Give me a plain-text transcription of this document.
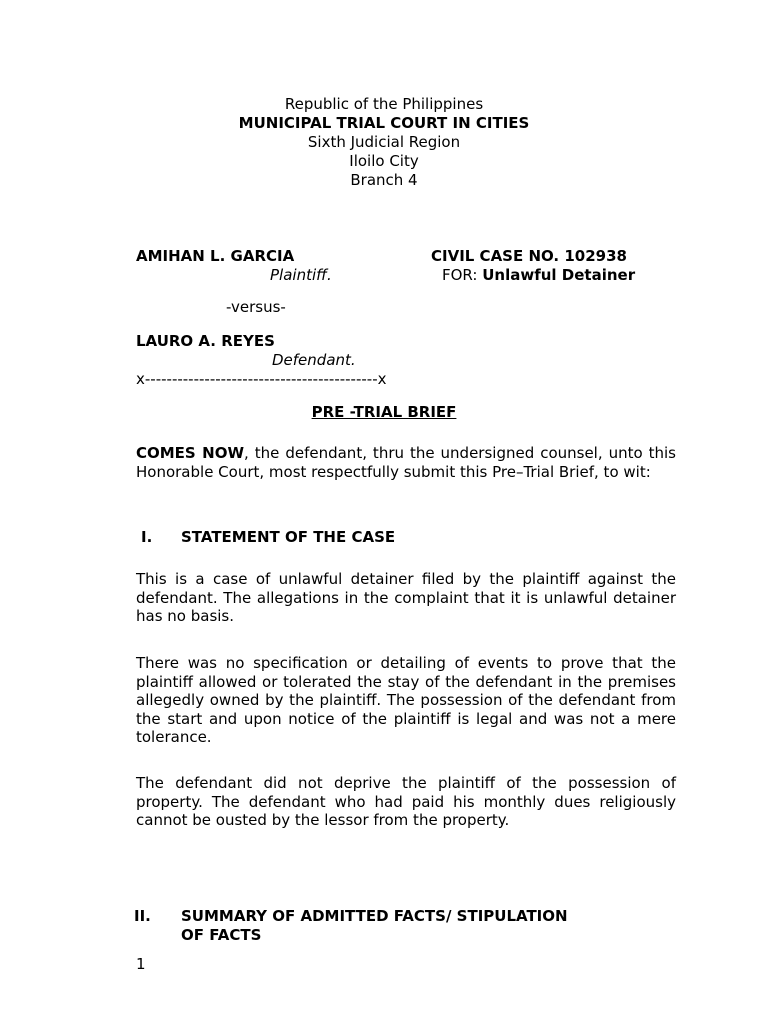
Republic of the Philippines
MUNICIPAL TRIAL COURT IN CITIES
Sixth Judicial Region
Iloilo City
Branch 4
AMIHAN L. GARCIA
Plaintiff.
CIVIL CASE NO. 102938
FOR: Unlawful Detainer
-versus-
LAURO A. REYES
Defendant.
x-------------------------------------------x
PRE -TRIAL BRIEF
COMES NOW, the defendant, thru the undersigned counsel, unto this Honorable Court, most respectfully submit this Pre–Trial Brief, to wit:
I. STATEMENT OF THE CASE
This is a case of unlawful detainer filed by the plaintiff against the defendant. The allegations in the complaint that it is unlawful detainer has no basis.
There was no specification or detailing of events to prove that the plaintiff allowed or tolerated the stay of the defendant in the premises allegedly owned by the plaintiff. The possession of the defendant from the start and upon notice of the plaintiff is legal and was not a mere tolerance.
The defendant did not deprive the plaintiff of the possession of property. The defendant who had paid his monthly dues religiously cannot be ousted by the lessor from the property.
II. SUMMARY OF ADMITTED FACTS/ STIPULATION
OF FACTS
1
